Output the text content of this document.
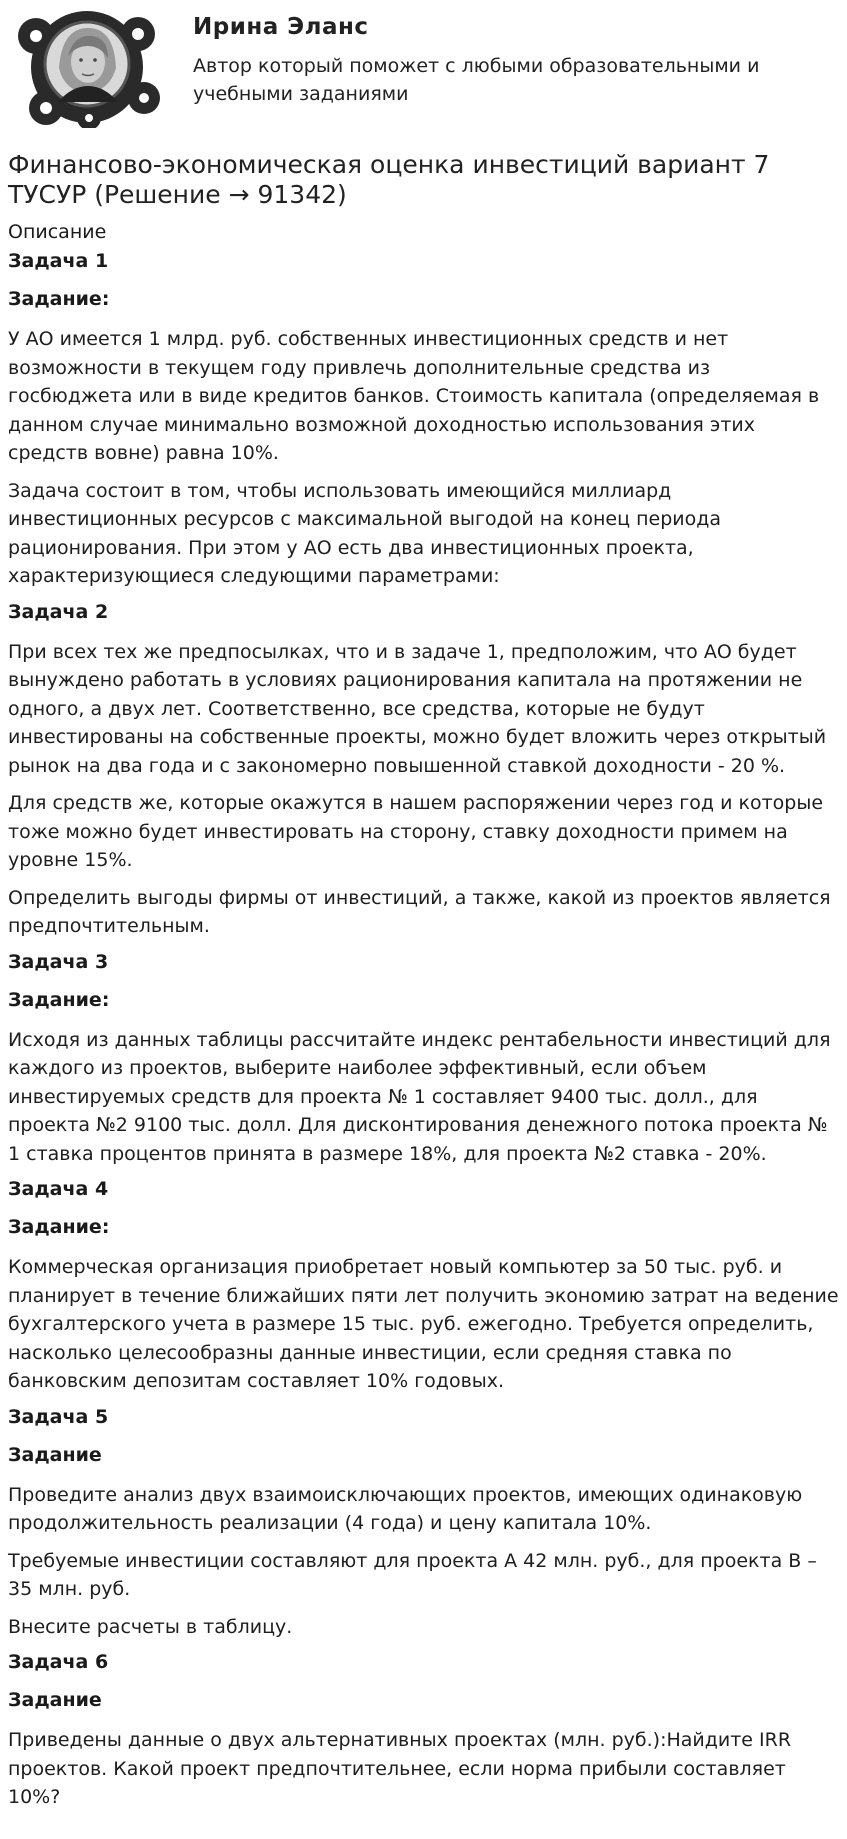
Ирина Эланс
Автор который поможет с любыми образовательными и учебными заданиями
Финансово-экономическая оценка инвестиций вариант 7 ТУСУР (Решение → 91342)
Описание
Задача 1
Задание:

У АО имеется 1 млрд. руб. собственных инвестиционных средств и нет возможности в текущем году привлечь дополнительные средства из госбюджета или в виде кредитов банков. Стоимость капитала (определяемая в данном случае минимально возможной доходностью использования этих средств вовне) равна 10%.

Задача состоит в том, чтобы использовать имеющийся миллиард инвестиционных ресурсов с максимальной выгодой на конец периода рационирования. При этом у АО есть два инвестиционных проекта, характеризующиеся следующими параметрами:

Задача 2

При всех тех же предпосылках, что и в задаче 1, предположим, что АО будет вынуждено работать в условиях рационирования капитала на протяжении не одного, а двух лет. Соответственно, все средства, которые не будут инвестированы на собственные проекты, можно будет вложить через открытый рынок на два года и с закономерно повышенной ставкой доходности - 20 %.

Для средств же, которые окажутся в нашем распоряжении через год и которые тоже можно будет инвестировать на сторону, ставку доходности примем на уровне 15%.

Определить выгоды фирмы от инвестиций, а также, какой из проектов является предпочтительным.

Задача 3
Задание:

Исходя из данных таблицы рассчитайте индекс рентабельности инвестиций для каждого из проектов, выберите наиболее эффективный, если объем инвестируемых средств для проекта № 1 составляет 9400 тыс. долл., для проекта №2 9100 тыс. долл. Для дисконтирования денежного потока проекта № 1 ставка процентов принята в размере 18%, для проекта №2 ставка - 20%.

Задача 4
Задание:

Коммерческая организация приобретает новый компьютер за 50 тыс. руб. и планирует в течение ближайших пяти лет получить экономию затрат на ведение бухгалтерского учета в размере 15 тыс. руб. ежегодно. Требуется определить, насколько целесообразны данные инвестиции, если средняя ставка по банковским депозитам составляет 10% годовых.

Задача 5
Задание

Проведите анализ двух взаимоисключающих проектов, имеющих одинаковую продолжительность реализации (4 года) и цену капитала 10%.

Требуемые инвестиции составляют для проекта А 42 млн. руб., для проекта В – 35 млн. руб.

Внесите расчеты в таблицу.

Задача 6
Задание

Приведены данные о двух альтернативных проектах (млн. руб.):Найдите IRR проектов. Какой проект предпочтительнее, если норма прибыли составляет 10%?
